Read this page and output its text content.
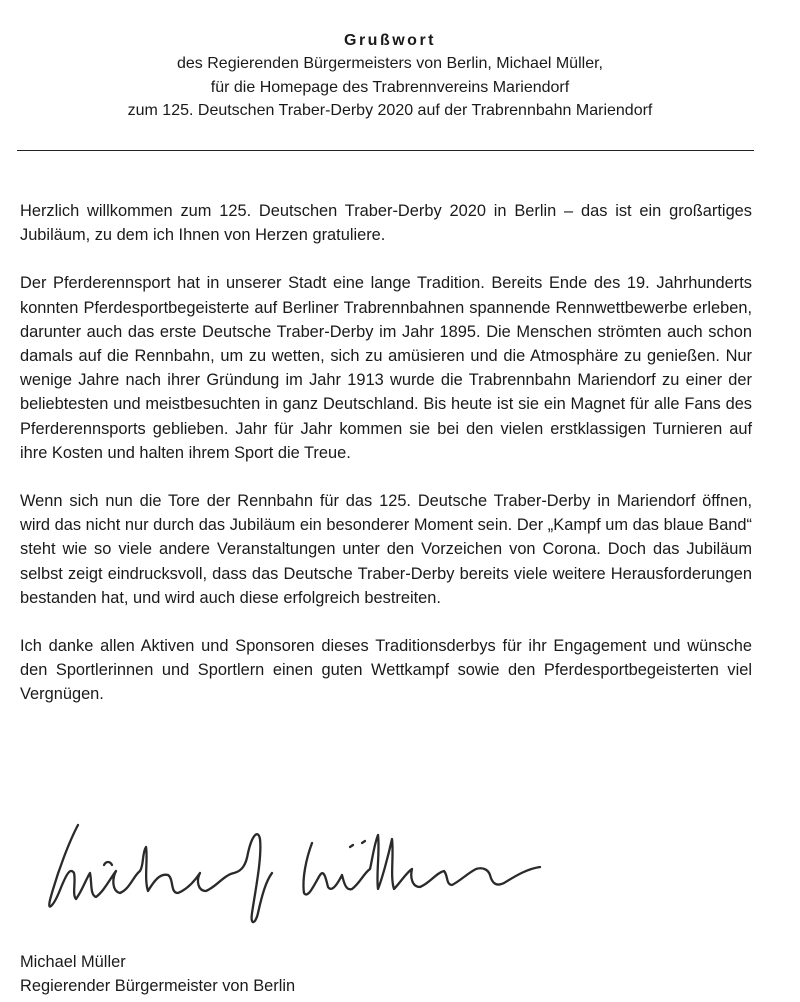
Grußwort
des Regierenden Bürgermeisters von Berlin, Michael Müller,
für die Homepage des Trabrennvereins Mariendorf
zum 125. Deutschen Traber-Derby 2020 auf der Trabrennbahn Mariendorf

Herzlich willkommen zum 125. Deutschen Traber-Derby 2020 in Berlin – das ist ein großartiges Jubiläum, zu dem ich Ihnen von Herzen gratuliere.

Der Pferderennsport hat in unserer Stadt eine lange Tradition. Bereits Ende des 19. Jahrhunderts konnten Pferdesportbegeisterte auf Berliner Trabrennbahnen spannende Rennwettbewerbe erleben, darunter auch das erste Deutsche Traber-Derby im Jahr 1895. Die Menschen strömten auch schon damals auf die Rennbahn, um zu wetten, sich zu amüsieren und die Atmosphäre zu genießen. Nur wenige Jahre nach ihrer Gründung im Jahr 1913 wurde die Trabrennbahn Mariendorf zu einer der beliebtesten und meistbesuchten in ganz Deutschland. Bis heute ist sie ein Magnet für alle Fans des Pferderennsports geblieben. Jahr für Jahr kommen sie bei den vielen erstklassigen Turnieren auf ihre Kosten und halten ihrem Sport die Treue.

Wenn sich nun die Tore der Rennbahn für das 125. Deutsche Traber-Derby in Mariendorf öffnen, wird das nicht nur durch das Jubiläum ein besonderer Moment sein. Der „Kampf um das blaue Band“ steht wie so viele andere Veranstaltungen unter den Vorzeichen von Corona. Doch das Jubiläum selbst zeigt eindrucksvoll, dass das Deutsche Traber-Derby bereits viele weitere Herausforderungen bestanden hat, und wird auch diese erfolgreich bestreiten.

Ich danke allen Aktiven und Sponsoren dieses Traditionsderbys für ihr Engagement und wünsche den Sportlerinnen und Sportlern einen guten Wettkampf sowie den Pferdesportbegeisterten viel Vergnügen.

Michael Müller
Regierender Bürgermeister von Berlin
